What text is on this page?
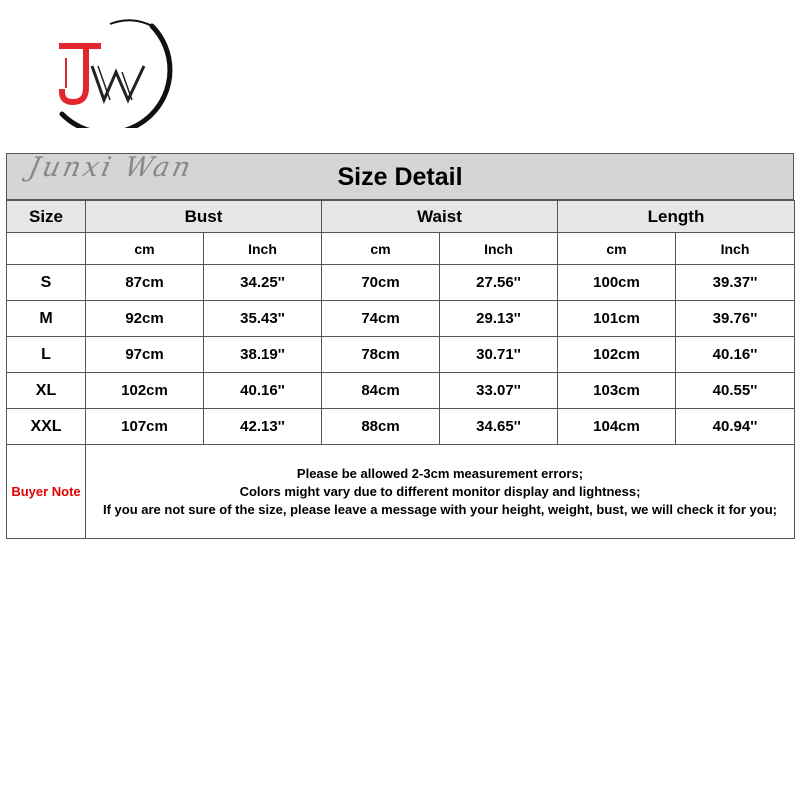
Junxi Wan	Size Detail
Size	Bust		Waist		Length	
	cm	Inch	cm	Inch	cm	Inch
S	87cm	34.25''	70cm	27.56''	100cm	39.37''
M	92cm	35.43''	74cm	29.13''	101cm	39.76''
L	97cm	38.19''	78cm	30.71''	102cm	40.16''
XL	102cm	40.16''	84cm	33.07''	103cm	40.55''
XXL	107cm	42.13''	88cm	34.65''	104cm	40.94''
Buyer Note	Please be allowed 2-3cm measurement errors;
Colors might vary due to different monitor display and lightness;
If you are not sure of the size, please leave a message with your height, weight, bust, we will check it for you;					
